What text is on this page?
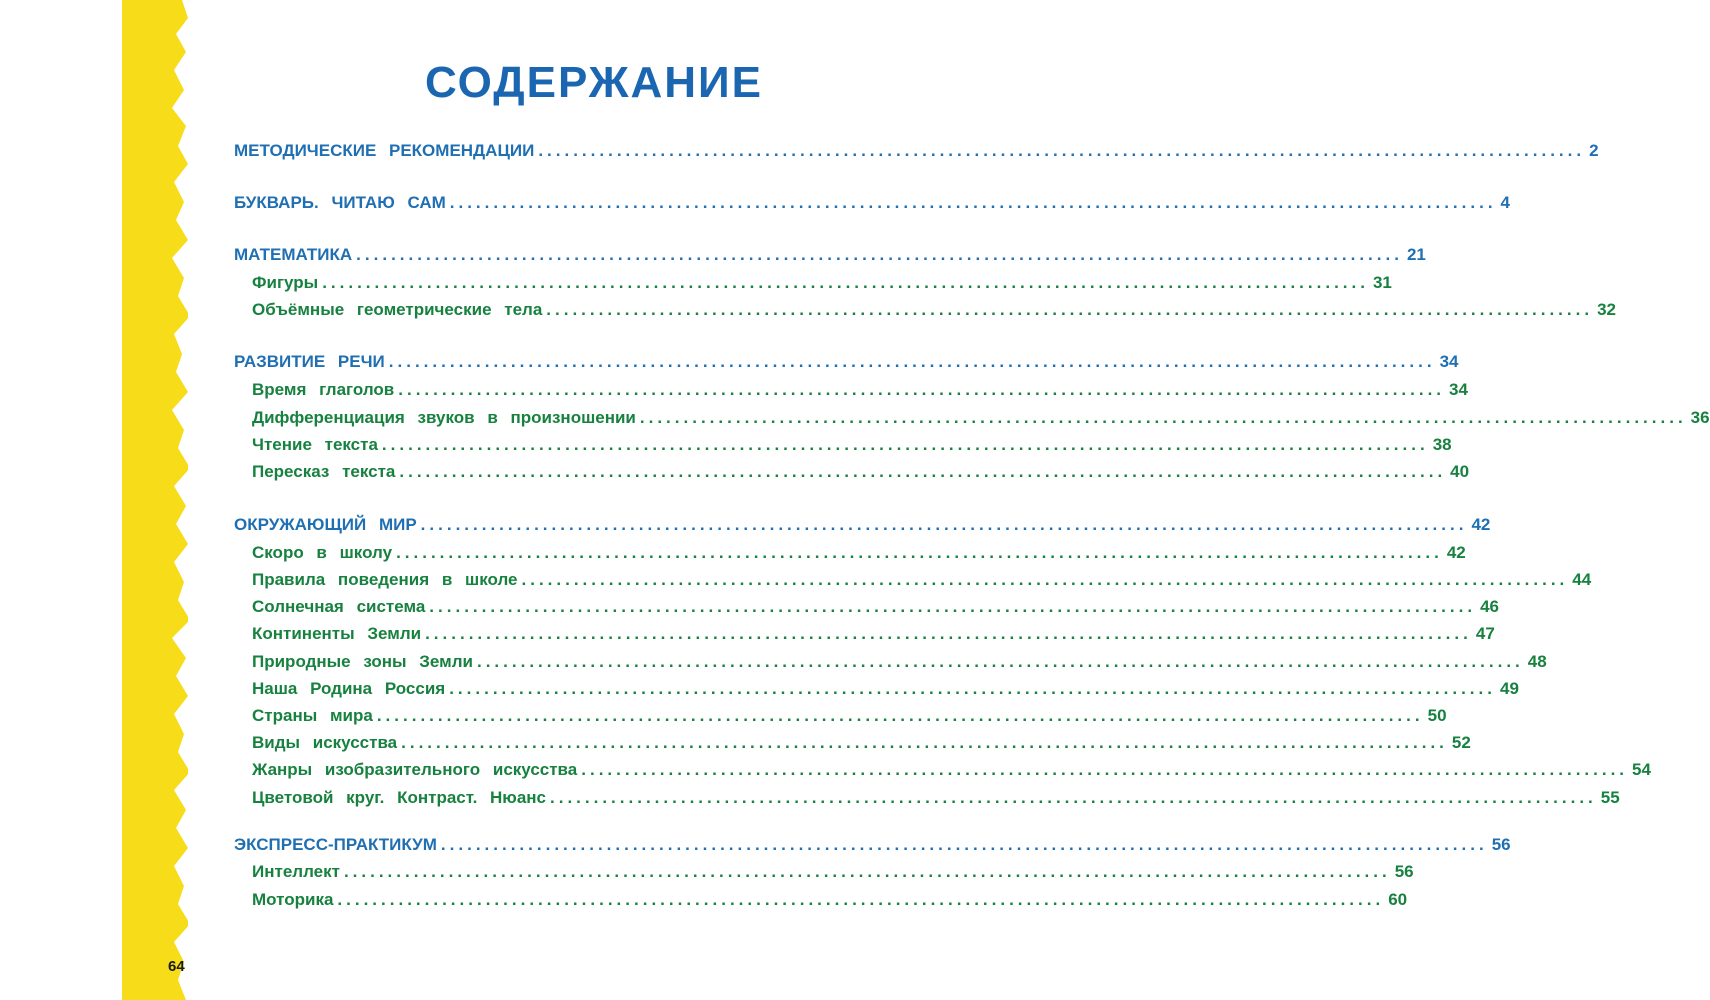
СОДЕРЖАНИЕ
МЕТОДИЧЕСКИЕ РЕКОМЕНДАЦИИ ........................................................................................................................ 2
БУКВАРЬ. ЧИТАЮ САМ ........................................................................................................................ 4
МАТЕМАТИКА ........................................................................................................................ 21
Фигуры ........................................................................................................................ 31
Объёмные геометрические тела ........................................................................................................................ 32
РАЗВИТИЕ РЕЧИ ........................................................................................................................ 34
Время глаголов ........................................................................................................................ 34
Дифференциация звуков в произношении ........................................................................................................................ 36
Чтение текста ........................................................................................................................ 38
Пересказ текста ........................................................................................................................ 40
ОКРУЖАЮЩИЙ МИР ........................................................................................................................ 42
Скоро в школу ........................................................................................................................ 42
Правила поведения в школе ........................................................................................................................ 44
Солнечная система ........................................................................................................................ 46
Континенты Земли ........................................................................................................................ 47
Природные зоны Земли ........................................................................................................................ 48
Наша Родина Россия ........................................................................................................................ 49
Страны мира ........................................................................................................................ 50
Виды искусства ........................................................................................................................ 52
Жанры изобразительного искусства ........................................................................................................................ 54
Цветовой круг. Контраст. Нюанс ........................................................................................................................ 55
ЭКСПРЕСС-ПРАКТИКУМ ........................................................................................................................ 56
Интеллект ........................................................................................................................ 56
Моторика ........................................................................................................................ 60
64
